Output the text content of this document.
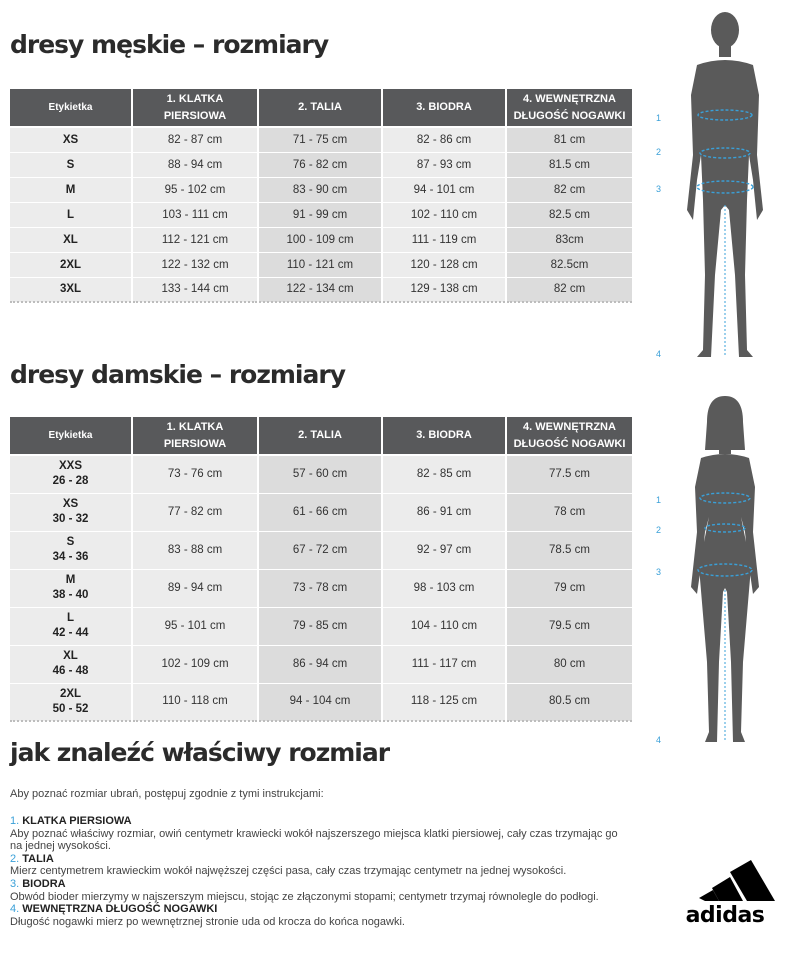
dresy męskie – rozmiary
Etykietka	1. KLATKA PIERSIOWA	2. TALIA	3. BIODRA	4. WEWNĘTRZNA
DŁUGOŚĆ NOGAWKI
XS	82 - 87 cm	71 - 75 cm	82 - 86 cm	81 cm
S	88 - 94 cm	76 - 82 cm	87 - 93 cm	81.5 cm
M	95 - 102 cm	83 - 90 cm	94 - 101 cm	82 cm
L	103 - 111 cm	91 - 99 cm	102 - 110 cm	82.5 cm
XL	112 - 121 cm	100 - 109 cm	111 - 119 cm	83cm
2XL	122 - 132 cm	110 - 121 cm	120 - 128 cm	82.5cm
3XL	133 - 144 cm	122 - 134 cm	129 - 138 cm	82 cm
dresy damskie – rozmiary
Etykietka	1. KLATKA PIERSIOWA	2. TALIA	3. BIODRA	4. WEWNĘTRZNA
DŁUGOŚĆ NOGAWKI
XXS
26 - 28	73 - 76 cm	57 - 60 cm	82 - 85 cm	77.5 cm
XS
30 - 32	77 - 82 cm	61 - 66 cm	86 - 91 cm	78 cm
S
34 - 36	83 - 88 cm	67 - 72 cm	92 - 97 cm	78.5 cm
M
38 - 40	89 - 94 cm	73 - 78 cm	98 - 103 cm	79 cm
L
42 - 44	95 - 101 cm	79 - 85 cm	104 - 110 cm	79.5 cm
XL
46 - 48	102 - 109 cm	86 - 94 cm	111 - 117 cm	80 cm
2XL
50 - 52	110 - 118 cm	94 - 104 cm	118 - 125 cm	80.5 cm
jak znaleźć właściwy rozmiar
Aby poznać rozmiar ubrań, postępuj zgodnie z tymi instrukcjami:
1. KLATKA PIERSIOWA
Aby poznać właściwy rozmiar, owiń centymetr krawiecki wokół najszerszego miejsca klatki piersiowej, cały czas trzymając go na jednej wysokości.
2. TALIA
Mierz centymetrem krawieckim wokół najwęższej części pasa, cały czas trzymając centymetr na jednej wysokości.
3. BIODRA
Obwód bioder mierzymy w najszerszym miejscu, stojąc ze złączonymi stopami; centymetr trzymaj równolegle do podłogi.
4. WEWNĘTRZNA DŁUGOŚĆ NOGAWKI
Długość nogawki mierz po wewnętrznej stronie uda od krocza do końca nogawki.
1
2
3
4
1
2
3
4
adidas
